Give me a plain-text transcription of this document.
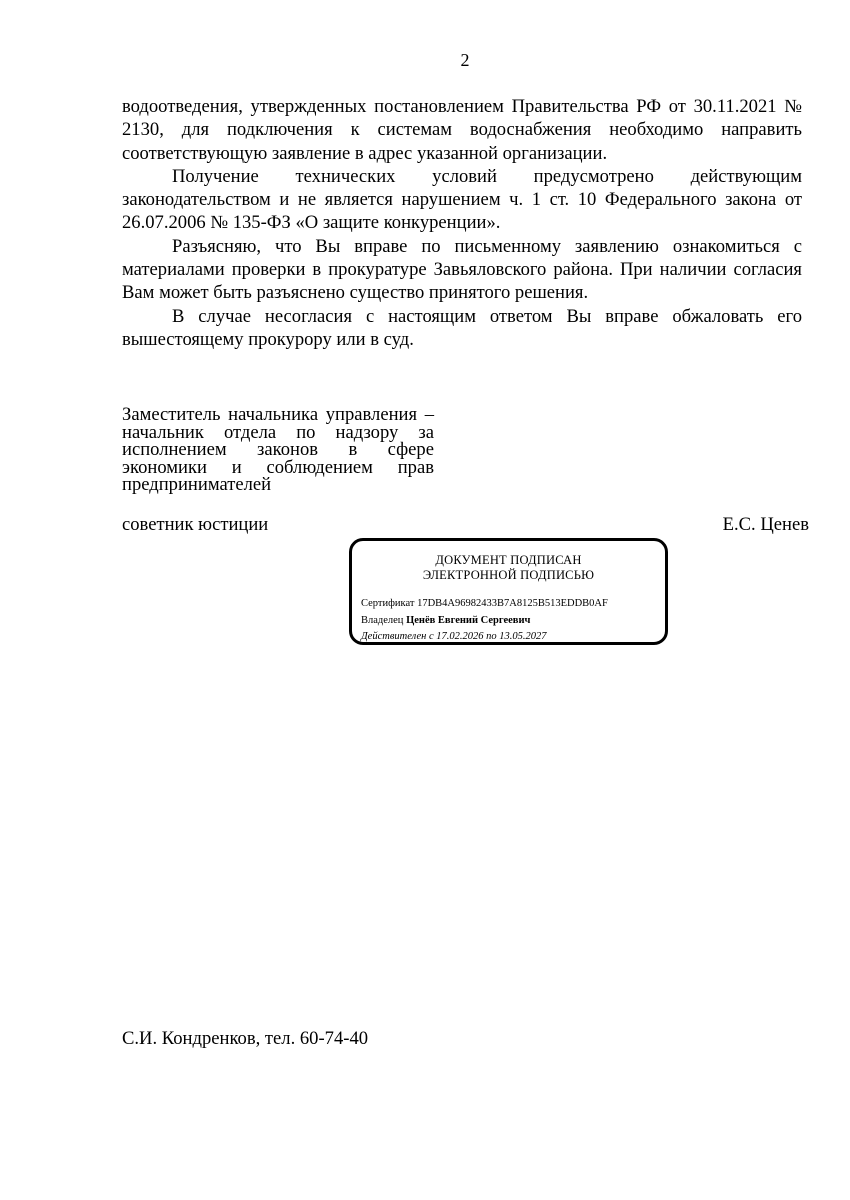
2

водоотведения, утвержденных постановлением Правительства РФ от 30.11.2021 № 2130, для подключения к системам водоснабжения необходимо направить соответствующую заявление в адрес указанной организации.

Получение технических условий предусмотрено действующим законодательством и не является нарушением ч. 1 ст. 10 Федерального закона от 26.07.2006 № 135-ФЗ «О защите конкуренции».

Разъясняю, что Вы вправе по письменному заявлению ознакомиться с материалами проверки в прокуратуре Завьяловского района. При наличии согласия Вам может быть разъяснено существо принятого решения.

В случае несогласия с настоящим ответом Вы вправе обжаловать его вышестоящему прокурору или в суд.

Заместитель начальника управления – начальник отдела по надзору за исполнением законов в сфере экономики и соблюдением прав предпринимателей
советник юстиции	Е.С. Ценев
ДОКУМЕНТ ПОДПИСАН
ЭЛЕКТРОННОЙ ПОДПИСЬЮ
Сертификат 17DB4A96982433B7A8125B513EDDB0AF
Владелец Ценёв Евгений Сергеевич
Действителен с 17.02.2026 по 13.05.2027
С.И. Кондренков, тел. 60-74-40
